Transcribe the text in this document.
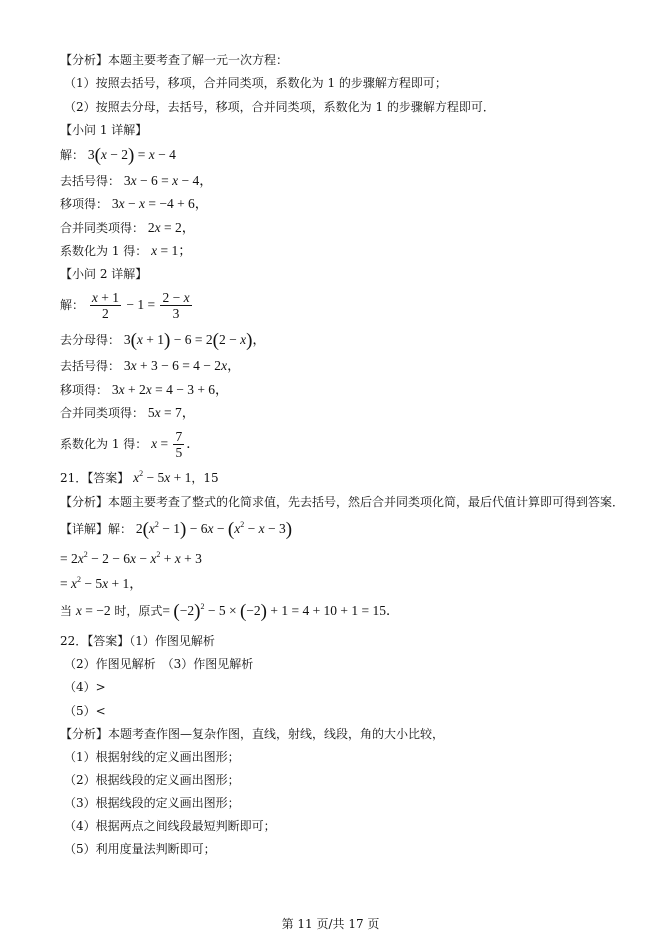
【分析】本题主要考查了解一元一次方程：
（1）按照去括号，移项，合并同类项，系数化为 1 的步骤解方程即可；
（2）按照去分母，去括号，移项，合并同类项，系数化为 1 的步骤解方程即可．
【小问 1 详解】
解： 3(x − 2) = x − 4
去括号得： 3x − 6 = x − 4，
移项得： 3x − x = −4 + 6，
合并同类项得： 2x = 2，
系数化为 1 得： x = 1；
【小问 2 详解】
解： $\frac{x + 1}{2} - 1 = \frac{2 - x}{3}$
去分母得： 3(x + 1) − 6 = 2(2 − x)，
去括号得： 3x + 3 − 6 = 4 − 2x，
移项得： 3x + 2x = 4 − 3 + 6，
合并同类项得： 5x = 7，
系数化为 1 得： $x = \frac{7}{5}$ ．
21．【答案】 $x^2 - 5x + 1$，15
【分析】本题主要考查了整式的化简求值，先去括号，然后合并同类项化简，最后代值计算即可得到答案．
【详解】解： $2(x^2 - 1) - 6x - (x^2 - x - 3)$
= $2x^2 - 2 - 6x - x^2 + x + 3$
= $x^2 - 5x + 1$，
当 x = −2 时，原式= $(-2)^2 - 5 \times (-2) + 1 = 4 + 10 + 1 = 15$．
22．【答案】（1）作图见解析
（2）作图见解析　（3）作图见解析
（4）>
（5）<
【分析】本题考查作图—复杂作图，直线，射线，线段，角的大小比较，
（1）根据射线的定义画出图形；
（2）根据线段的定义画出图形；
（3）根据线段的定义画出图形；
（4）根据两点之间线段最短判断即可；
（5）利用度量法判断即可；
第 11 页/共 17 页
